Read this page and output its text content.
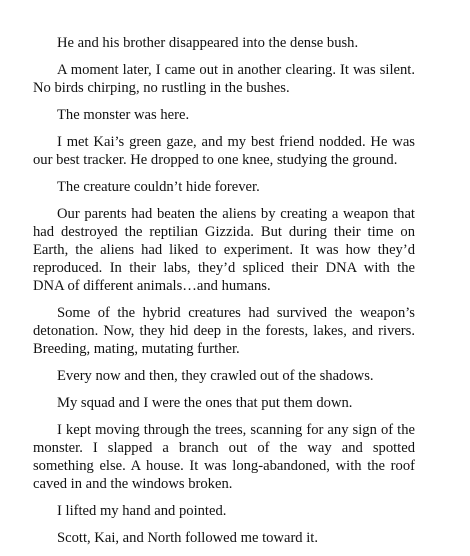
He and his brother disappeared into the dense bush.

A moment later, I came out in another clearing. It was silent. No birds chirping, no rustling in the bushes.

The monster was here.

I met Kai’s green gaze, and my best friend nodded. He was our best tracker. He dropped to one knee, studying the ground.

The creature couldn’t hide forever.

Our parents had beaten the aliens by creating a weapon that had destroyed the reptilian Gizzida. But during their time on Earth, the aliens had liked to experiment. It was how they’d reproduced. In their labs, they’d spliced their DNA with the DNA of different animals…and humans.

Some of the hybrid creatures had survived the weapon’s detonation. Now, they hid deep in the forests, lakes, and rivers. Breeding, mating, mutating further.

Every now and then, they crawled out of the shadows.

My squad and I were the ones that put them down.

I kept moving through the trees, scanning for any sign of the monster. I slapped a branch out of the way and spotted something else. A house. It was long-abandoned, with the roof caved in and the windows broken.

I lifted my hand and pointed.

Scott, Kai, and North followed me toward it.
